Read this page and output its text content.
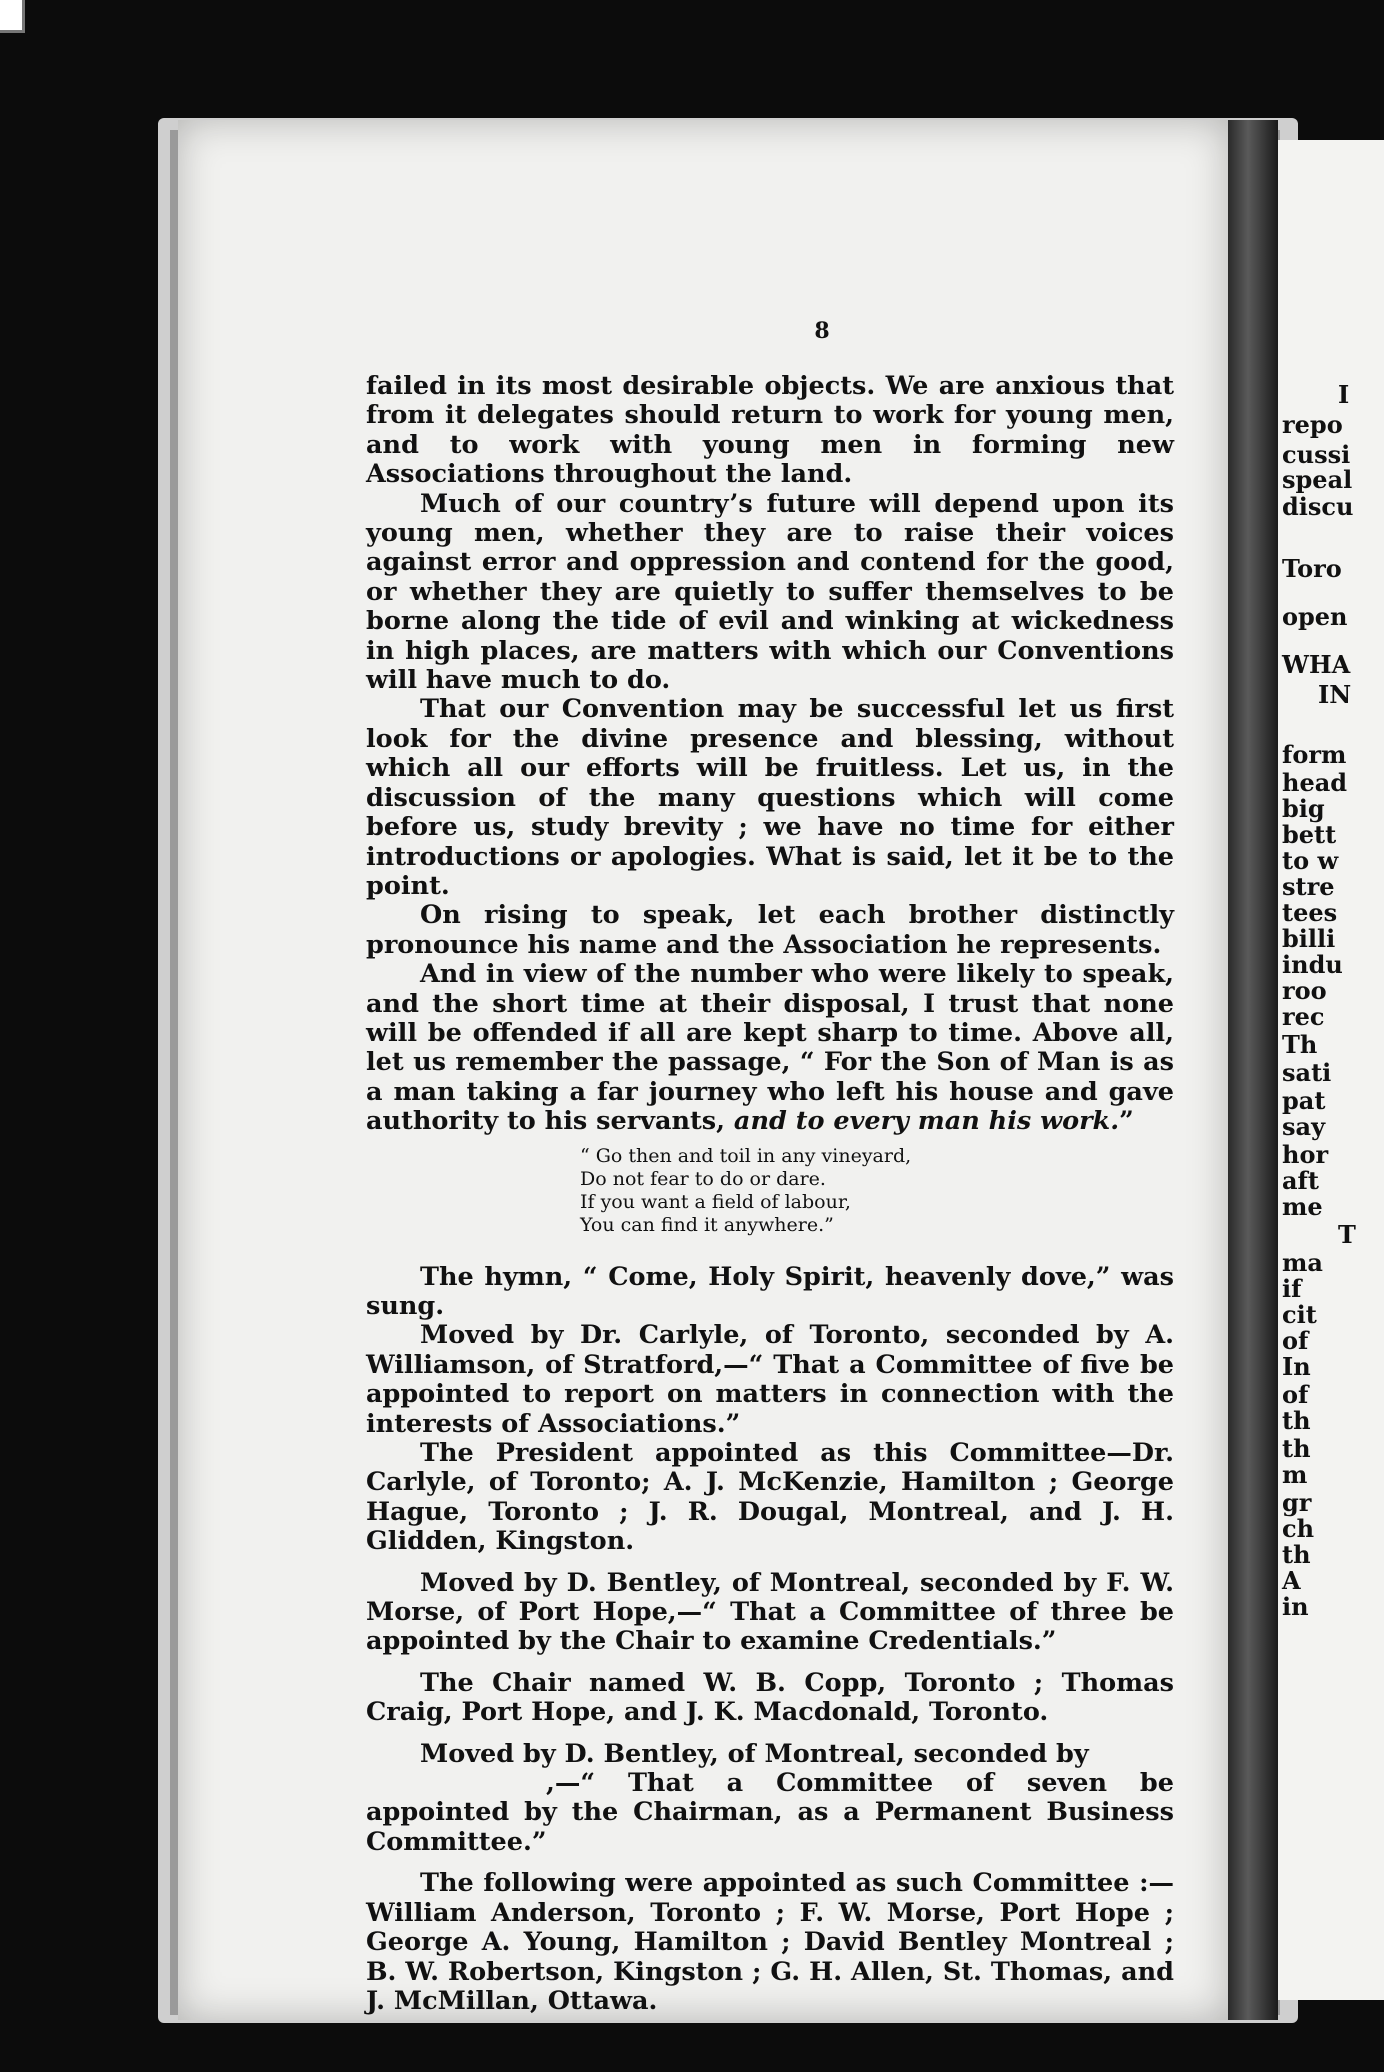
I
repo
cussi
speal
discu
Toro
open
WHA
IN
form
head
big
bett
to w
stre
tees
billi
indu
roo
rec
Th
sati
pat
say
hor
aft
me
T
ma
if
cit
of
In
of
th
th
m
gr
ch
th
A
in
8

failed in its most desirable objects. We are anxious that from it delegates should return to work for young men, and to work with young men in forming new Associations throughout the land.

Much of our country’s future will depend upon its young men, whether they are to raise their voices against error and oppression and contend for the good, or whether they are quietly to suffer themselves to be borne along the tide of evil and winking at wickedness in high places, are matters with which our Conventions will have much to do.

That our Convention may be successful let us first look for the divine presence and blessing, without which all our efforts will be fruitless. Let us, in the discussion of the many questions which will come before us, study brevity ; we have no time for either introductions or apologies. What is said, let it be to the point.

On rising to speak, let each brother distinctly pronounce his name and the Association he represents.

And in view of the number who were likely to speak, and the short time at their disposal, I trust that none will be offended if all are kept sharp to time. Above all, let us remember the passage, “ For the Son of Man is as a man taking a far journey who left his house and gave authority to his servants, and to every man his work.”

“ Go then and toil in any vineyard,
Do not fear to do or dare.
If you want a field of labour,
You can find it anywhere.”

The hymn, “ Come, Holy Spirit, heavenly dove,” was sung.

Moved by Dr. Carlyle, of Toronto, seconded by A. Williamson, of Stratford,—“ That a Committee of five be appointed to report on matters in connection with the interests of Associations.”

The President appointed as this Committee—Dr. Carlyle, of Toronto; A. J. McKenzie, Hamilton ; George Hague, Toronto ; J. R. Dougal, Montreal, and J. H. Glidden, Kingston.

Moved by D. Bentley, of Montreal, seconded by F. W. Morse, of Port Hope,—“ That a Committee of three be appointed by the Chair to examine Credentials.”

The Chair named W. B. Copp, Toronto ; Thomas Craig, Port Hope, and J. K. Macdonald, Toronto.

Moved by D. Bentley, of Montreal, seconded by

,—“ That a Committee of seven be appointed by the Chairman, as a Permanent Business Committee.”

The following were appointed as such Committee :—William Anderson, Toronto ; F. W. Morse, Port Hope ; George A. Young, Hamilton ; David Bentley Montreal ; B. W. Robertson, Kingston ; G. H. Allen, St. Thomas, and J. McMillan, Ottawa.
